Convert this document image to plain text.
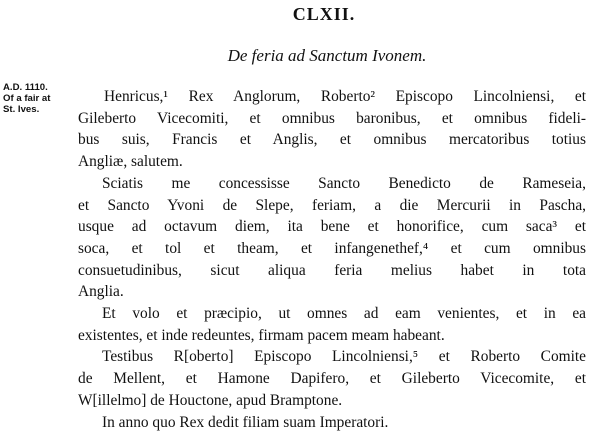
CLXII.
De feria ad Sanctum Ivonem.
A.D. 1110.
Of a fair at
St. Ives.
Henricus,¹ Rex Anglorum, Roberto² Episcopo Lincolniensi, et
Gileberto Vicecomiti, et omnibus baronibus, et omnibus fideli-
bus suis, Francis et Anglis, et omnibus mercatoribus totius
Angliæ, salutem.
Sciatis me concessisse Sancto Benedicto de Rameseia,
et Sancto Yvoni de Slepe, feriam, a die Mercurii in Pascha,
usque ad octavum diem, ita bene et honorifice, cum saca³ et
soca, et tol et theam, et infangenethef,⁴ et cum omnibus
consuetudinibus, sicut aliqua feria melius habet in tota
Anglia.
Et volo et præcipio, ut omnes ad eam venientes, et in ea
existentes, et inde redeuntes, firmam pacem meam habeant.
Testibus R[oberto] Episcopo Lincolniensi,⁵ et Roberto Comite
de Mellent, et Hamone Dapifero, et Gileberto Vicecomite, et
W[illelmo] de Houctone, apud Bramptone.
In anno quo Rex dedit filiam suam Imperatori.
